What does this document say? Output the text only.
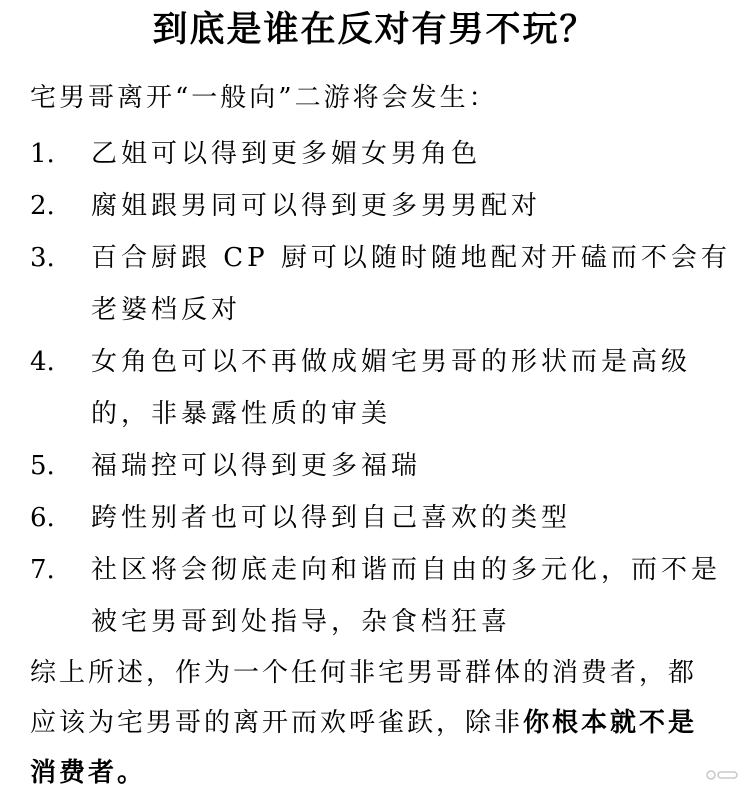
到底是谁在反对有男不玩？
宅男哥离开“一般向”二游将会发生：
1.	乙姐可以得到更多媚女男角色
2.	腐姐跟男同可以得到更多男男配对
3.	百合厨跟 CP 厨可以随时随地配对开磕而不会有
老婆档反对
4.	女角色可以不再做成媚宅男哥的形状而是高级
的，非暴露性质的审美
5.	福瑞控可以得到更多福瑞
6.	跨性别者也可以得到自己喜欢的类型
7.	社区将会彻底走向和谐而自由的多元化，而不是
被宅男哥到处指导，杂食档狂喜

综上所述，作为一个任何非宅男哥群体的消费者，都
应该为宅男哥的离开而欢呼雀跃，除非你根本就不是
消费者。
